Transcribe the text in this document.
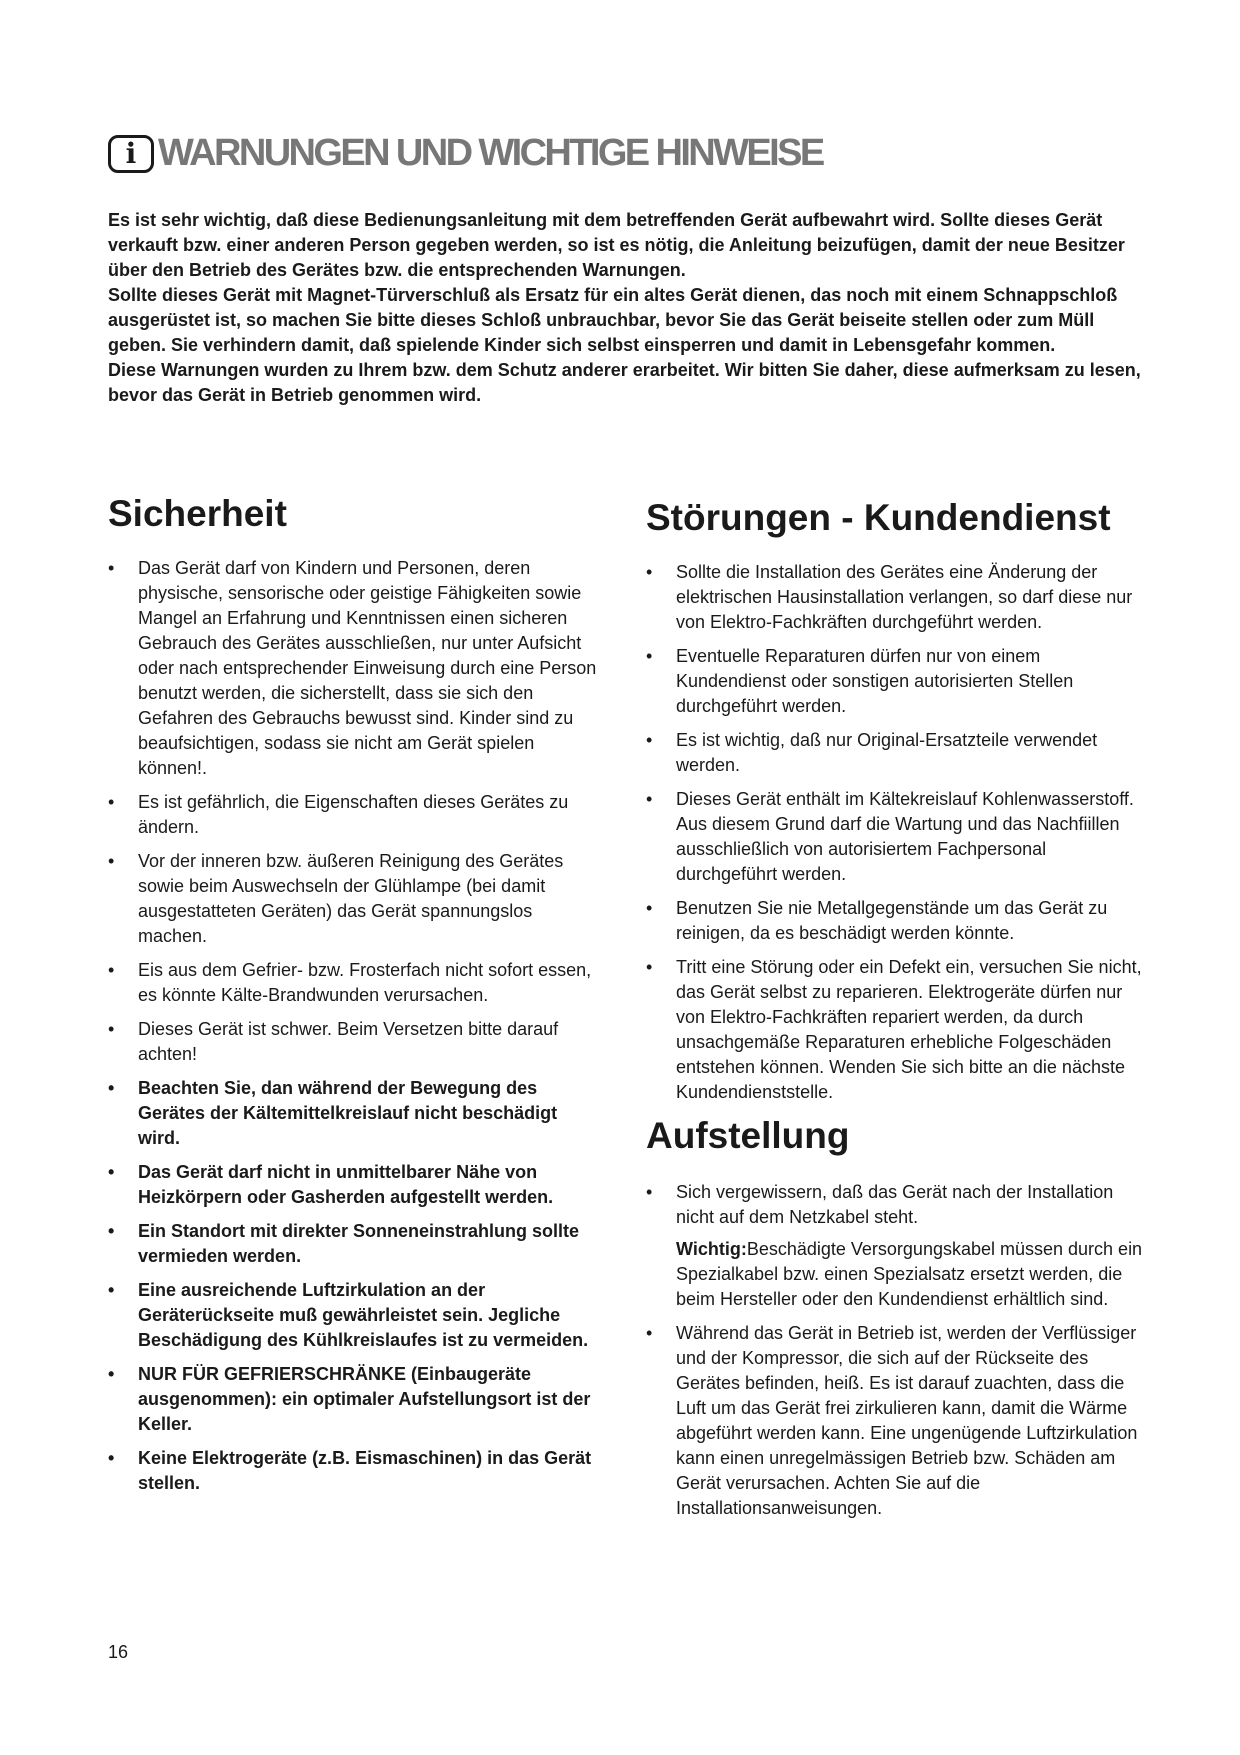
i WARNUNGEN UND WICHTIGE HINWEISE

Es ist sehr wichtig, daß diese Bedienungsanleitung mit dem betreffenden Gerät aufbewahrt wird. Sollte dieses Gerät verkauft bzw. einer anderen Person gegeben werden, so ist es nötig, die Anleitung beizufügen, damit der neue Besitzer über den Betrieb des Gerätes bzw. die entsprechenden Warnungen.

Sollte dieses Gerät mit Magnet-Türverschluß als Ersatz für ein altes Gerät dienen, das noch mit einem Schnappschloß ausgerüstet ist, so machen Sie bitte dieses Schloß unbrauchbar, bevor Sie das Gerät beiseite stellen oder zum Müll geben. Sie verhindern damit, daß spielende Kinder sich selbst einsperren und damit in Lebensgefahr kommen.

Diese Warnungen wurden zu Ihrem bzw. dem Schutz anderer erarbeitet. Wir bitten Sie daher, diese aufmerksam zu lesen, bevor das Gerät in Betrieb genommen wird.

Sicherheit
• Das Gerät darf von Kindern und Personen, deren physische, sensorische oder geistige Fähigkeiten sowie Mangel an Erfahrung und Kenntnissen einen sicheren Gebrauch des Gerätes ausschließen, nur unter Aufsicht oder nach entsprechender Einweisung durch eine Person benutzt werden, die sicherstellt, dass sie sich den Gefahren des Gebrauchs bewusst sind. Kinder sind zu beaufsichtigen, sodass sie nicht am Gerät spielen können!.
• Es ist gefährlich, die Eigenschaften dieses Gerätes zu ändern.
• Vor der inneren bzw. äußeren Reinigung des Gerätes sowie beim Auswechseln der Glühlampe (bei damit ausgestatteten Geräten) das Gerät spannungslos machen.
• Eis aus dem Gefrier- bzw. Frosterfach nicht sofort essen, es könnte Kälte-Brandwunden verursachen.
• Dieses Gerät ist schwer. Beim Versetzen bitte darauf achten!
• Beachten Sie, dan während der Bewegung des Gerätes der Kältemittelkreislauf nicht beschädigt wird.
• Das Gerät darf nicht in unmittelbarer Nähe von Heizkörpern oder Gasherden aufgestellt werden.
• Ein Standort mit direkter Sonneneinstrahlung sollte vermieden werden.
• Eine ausreichende Luftzirkulation an der Geräterückseite muß gewährleistet sein. Jegliche Beschädigung des Kühlkreislaufes ist zu vermeiden.
• NUR FÜR GEFRIERSCHRÄNKE (Einbaugeräte ausgenommen): ein optimaler Aufstellungsort ist der Keller.
• Keine Elektrogeräte (z.B. Eismaschinen) in das Gerät stellen.
Störungen - Kundendienst
• Sollte die Installation des Gerätes eine Änderung der elektrischen Hausinstallation verlangen, so darf diese nur von Elektro-Fachkräften durchgeführt werden.
• Eventuelle Reparaturen dürfen nur von einem Kundendienst oder sonstigen autorisierten Stellen durchgeführt werden.
• Es ist wichtig, daß nur Original-Ersatzteile verwendet werden.
• Dieses Gerät enthält im Kältekreislauf Kohlenwasserstoff. Aus diesem Grund darf die Wartung und das Nachfiillen ausschließlich von autorisiertem Fachpersonal durchgeführt werden.
• Benutzen Sie nie Metallgegenstände um das Gerät zu reinigen, da es beschädigt werden könnte.
• Tritt eine Störung oder ein Defekt ein, versuchen Sie nicht, das Gerät selbst zu reparieren. Elektrogeräte dürfen nur von Elektro-Fachkräften repariert werden, da durch unsachgemäße Reparaturen erhebliche Folgeschäden entstehen können. Wenden Sie sich bitte an die nächste Kundendienststelle.
Aufstellung
• Sich vergewissern, daß das Gerät nach der Installation nicht auf dem Netzkabel steht.
Wichtig:Beschädigte Versorgungskabel müssen durch ein Spezialkabel bzw. einen Spezialsatz ersetzt werden, die beim Hersteller oder den Kundendienst erhältlich sind.
• Während das Gerät in Betrieb ist, werden der Verflüssiger und der Kompressor, die sich auf der Rückseite des Gerätes befinden, heiß. Es ist darauf zuachten, dass die Luft um das Gerät frei zirkulieren kann, damit die Wärme abgeführt werden kann. Eine ungenügende Luftzirkulation kann einen unregelmässigen Betrieb bzw. Schäden am Gerät verursachen. Achten Sie auf die Installationsanweisungen.
16
